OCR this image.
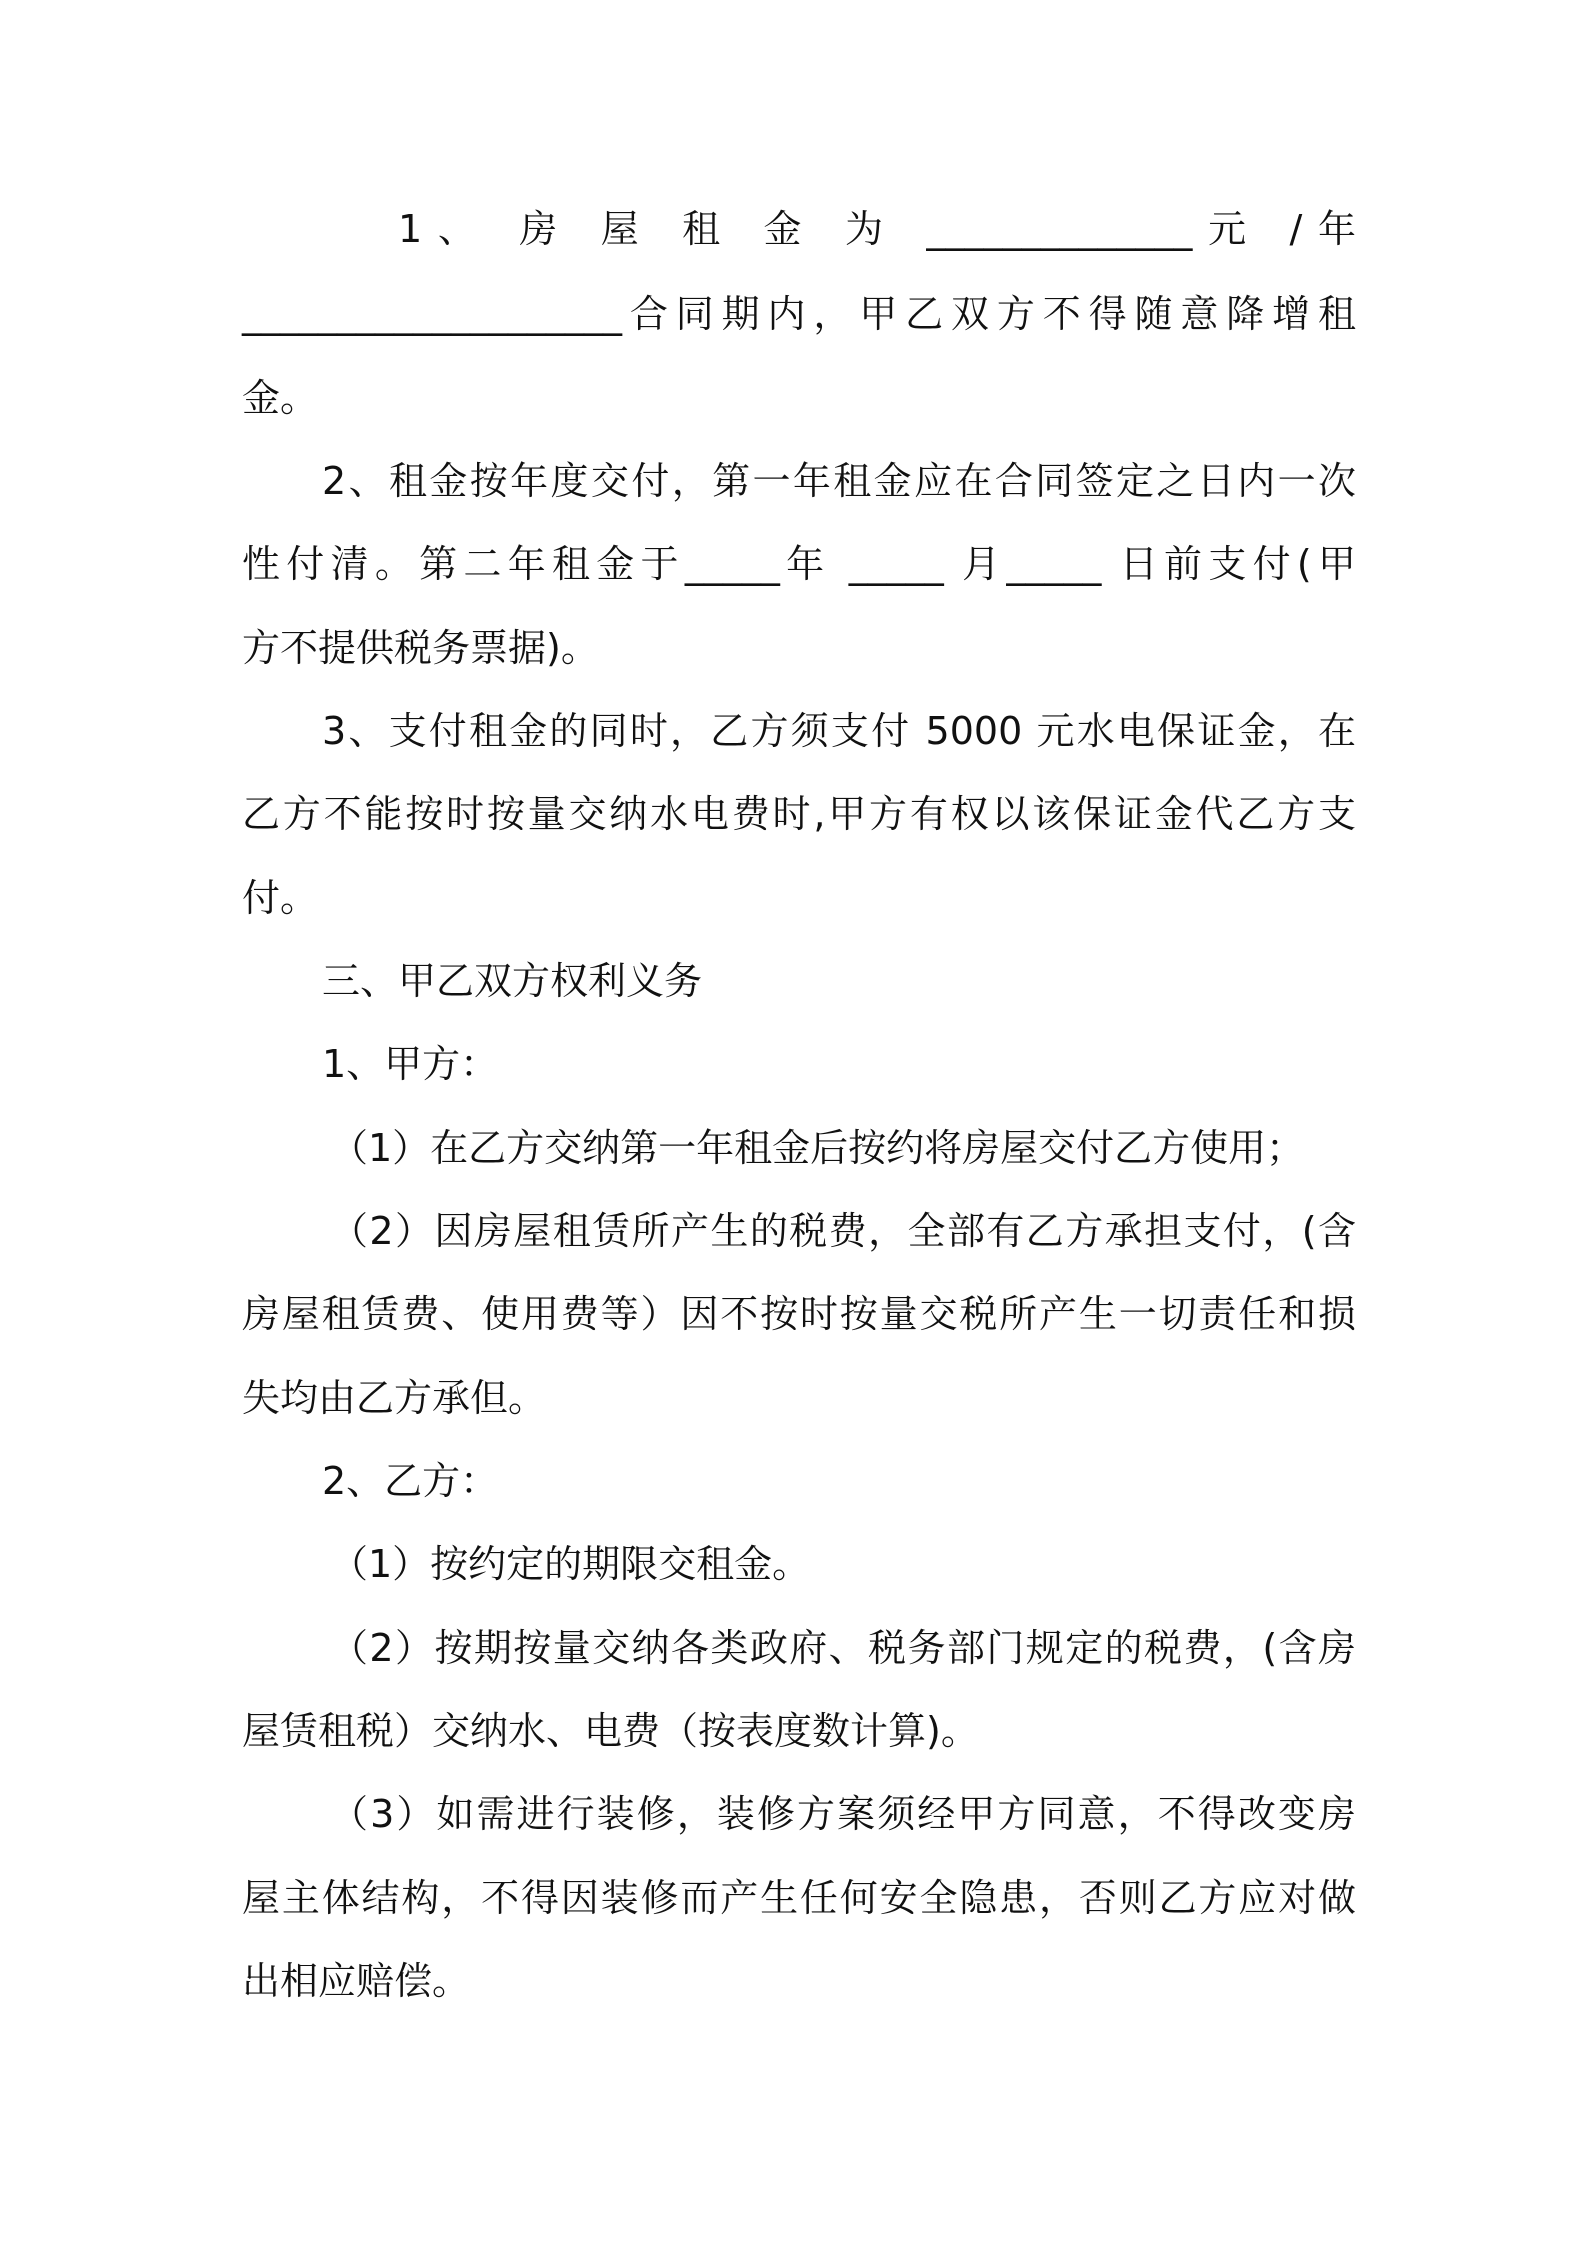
1、 房 屋 租 金 为 ______________元 /年
____________________合同期内，甲乙双方不得随意降增租
金。
2、租金按年度交付，第一年租金应在合同签定之日内一次
性付清。第二年租金于_____年 _____ 月_____ 日前支付(甲
方不提供税务票据)。
3、支付租金的同时，乙方须支付 5000 元水电保证金，在
乙方不能按时按量交纳水电费时,甲方有权以该保证金代乙方支
付。
三、甲乙双方权利义务
1、甲方：
（1）在乙方交纳第一年租金后按约将房屋交付乙方使用；
（2）因房屋租赁所产生的税费，全部有乙方承担支付，(含
房屋租赁费、使用费等）因不按时按量交税所产生一切责任和损
失均由乙方承但。
2、乙方：
（1）按约定的期限交租金。
（2）按期按量交纳各类政府、税务部门规定的税费，(含房
屋赁租税）交纳水、电费（按表度数计算)。
（3）如需进行装修，装修方案须经甲方同意，不得改变房
屋主体结构，不得因装修而产生任何安全隐患，否则乙方应对做
出相应赔偿。
